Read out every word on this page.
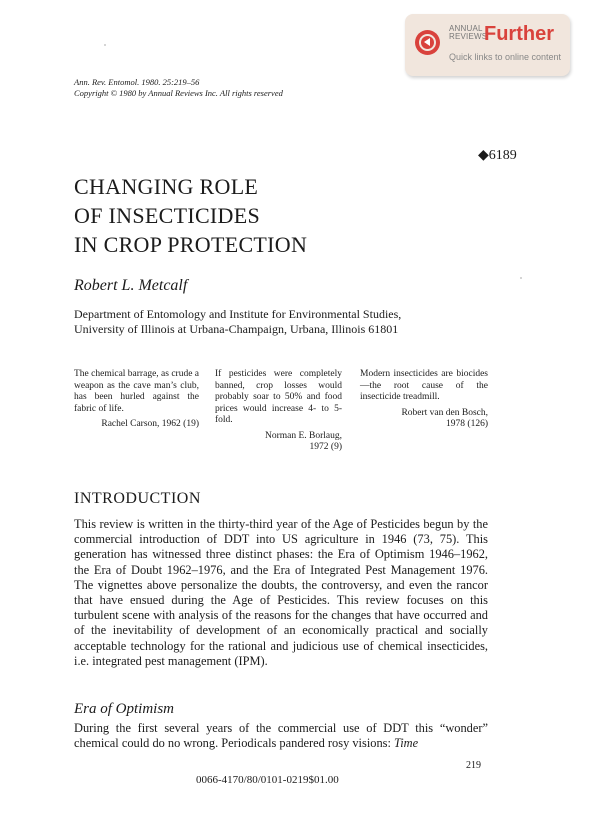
ANNUAL
REVIEWS
Further
Quick links to online content
Ann. Rev. Entomol. 1980. 25:219–56
Copyright © 1980 by Annual Reviews Inc. All rights reserved
◆6189
CHANGING ROLE
OF INSECTICIDES
IN CROP PROTECTION
Robert L. Metcalf
Department of Entomology and Institute for Environmental Studies,
University of Illinois at Urbana-Champaign, Urbana, Illinois 61801

The chemical barrage, as crude a weapon as the cave man’s club, has been hurled against the fabric of life.

Rachel Carson, 1962 (19)

If pesticides were completely banned, crop losses would probably soar to 50% and food prices would increase 4- to 5-fold.

Norman E. Borlaug,
1972 (9)

Modern insecticides are biocides—the root cause of the insecticide treadmill.

Robert van den Bosch,
1978 (126)

INTRODUCTION
This review is written in the thirty-third year of the Age of Pesticides begun by the commercial introduction of DDT into US agriculture in 1946 (73, 75). This generation has witnessed three distinct phases: the Era of Optimism 1946–1962, the Era of Doubt 1962–1976, and the Era of Integrated Pest Management 1976. The vignettes above personalize the doubts, the controversy, and even the rancor that have ensued during the Age of Pesticides. This review focuses on this turbulent scene with analysis of the reasons for the changes that have occurred and of the inevitability of development of an economically practical and socially acceptable technology for the rational and judicious use of chemical insecticides, i.e. integrated pest management (IPM).
Era of Optimism
During the first several years of the commercial use of DDT this “wonder” chemical could do no wrong. Periodicals pandered rosy visions: Time
219
0066-4170/80/0101-0219$01.00
